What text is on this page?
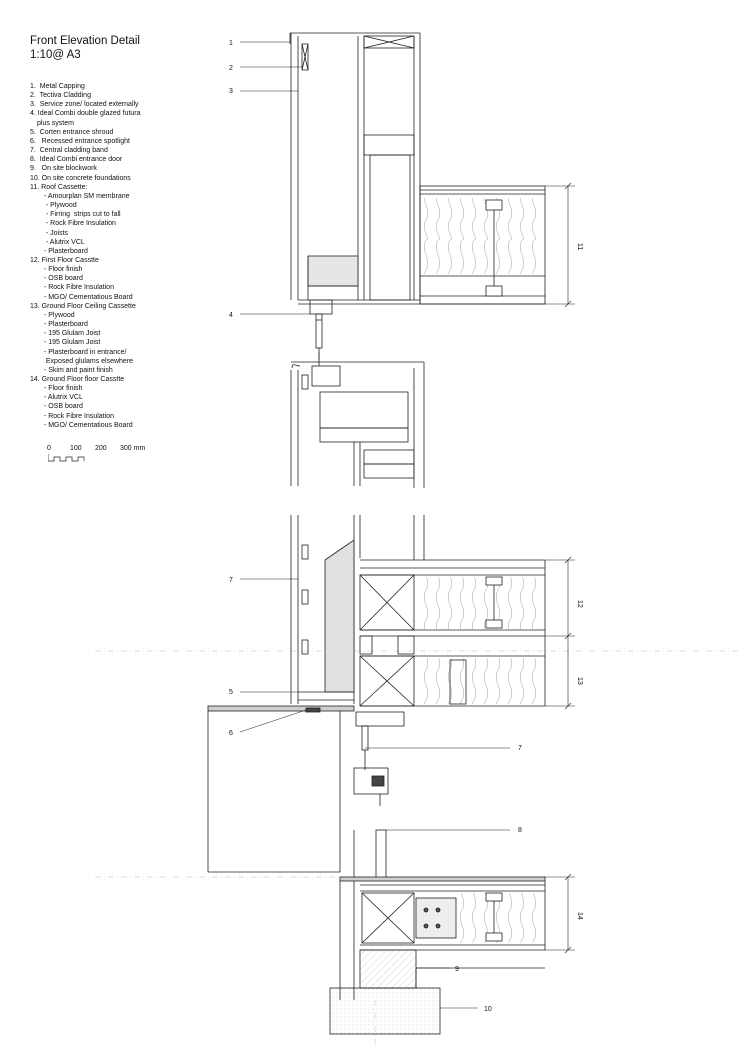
Front Elevation Detail
1:10@ A3
1.  Metal Capping
2.  Tectiva Cladding
3.  Service zone/ located externally
4. Ideal Combi double glazed futura
plus system
5.  Corten entrance shroud
6.   Recessed entrance spotlight
7.  Central cladding band
8.  Ideal Combi entrance door
9.   On site blockwork
10. On site concrete foundations
11. Roof Cassette:
- Amourplan SM membrane
- Plywood
- Firring  strips cut to fall
- Rock Fibre Insulation
- Joists
- Alutrix VCL
- Plasterboard
12. First Floor Casstte
- Floor finish
- OSB board
- Rock Fibre Insulation
- MGO/ Cementatious Board
13. Ground Floor Ceiling Cassette
- Plywood
- Plasterboard
- 195 Glulam Joist
- 195 Glulam Joist
- Plasterboard in entrance/
Exposed glulams elsewhere
- Skim and paint finish
14. Ground Floor floor Casstte
- Floor finish
- Alutrix VCL
- OSB board
- Rock Fibre Insulation
- MGO/ Cementatious Board
0	100 200 300 mm
1
2
3
4
7
5
6
7
8
9
10
11
12
13
14
